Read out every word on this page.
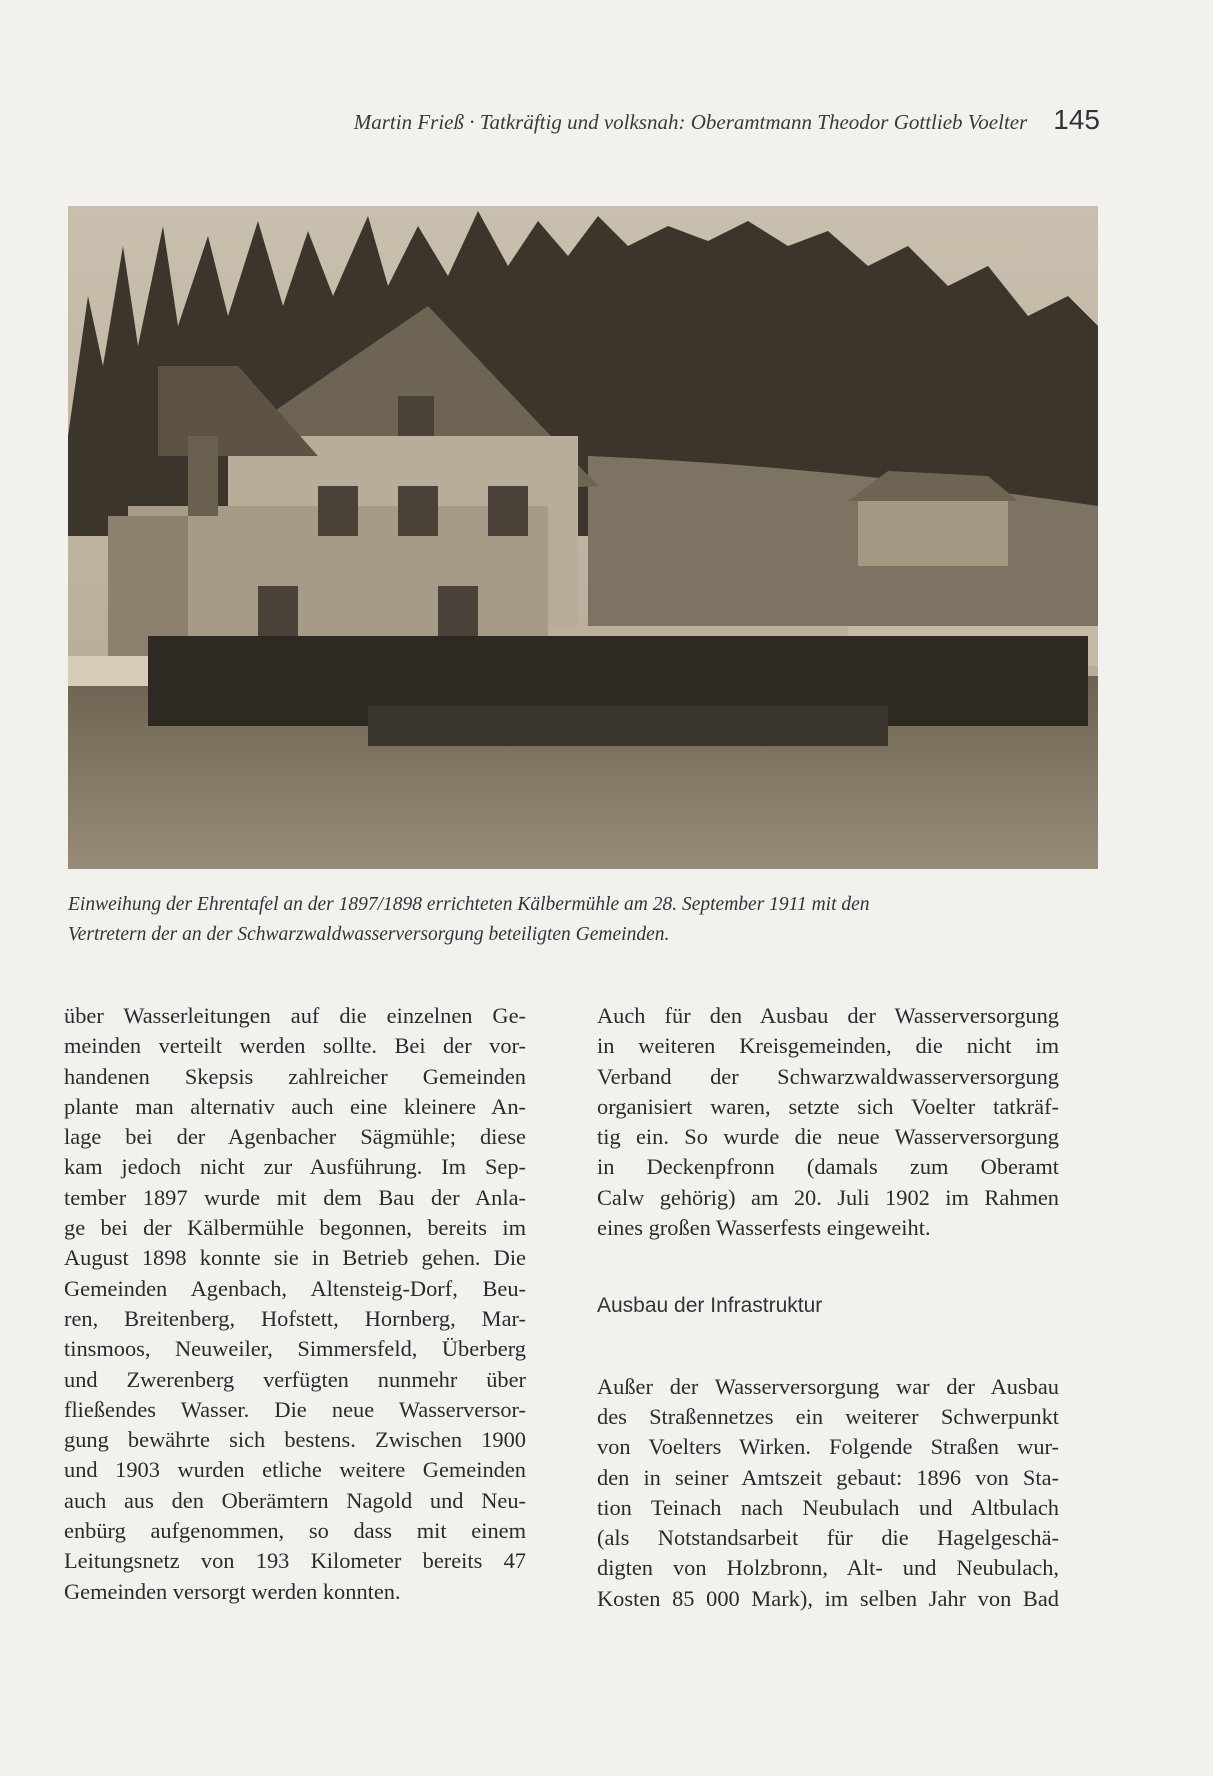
Martin Frieß · Tatkräftig und volksnah: Oberamtmann Theodor Gottlieb Voelter 145

Einweihung der Ehrentafel an der 1897/1898 errichteten Kälbermühle am 28. September 1911 mit den

Vertretern der an der Schwarzwaldwasserversorgung beteiligten Gemeinden.

über Wasserleitungen auf die einzelnen Ge-
meinden verteilt werden sollte. Bei der vor-
handenen Skepsis zahlreicher Gemeinden
plante man alternativ auch eine kleinere An-
lage bei der Agenbacher Sägmühle; diese
kam jedoch nicht zur Ausführung. Im Sep-
tember 1897 wurde mit dem Bau der Anla-
ge bei der Kälbermühle begonnen, bereits im
August 1898 konnte sie in Betrieb gehen. Die
Gemeinden Agenbach, Altensteig-Dorf, Beu-
ren, Breitenberg, Hofstett, Hornberg, Mar-
tinsmoos, Neuweiler, Simmersfeld, Überberg
und Zwerenberg verfügten nunmehr über
fließendes Wasser. Die neue Wasserversor-
gung bewährte sich bestens. Zwischen 1900
und 1903 wurden etliche weitere Gemeinden
auch aus den Oberämtern Nagold und Neu-
enbürg aufgenommen, so dass mit einem
Leitungsnetz von 193 Kilometer bereits 47
Gemeinden versorgt werden konnten.

Auch für den Ausbau der Wasserversorgung
in weiteren Kreisgemeinden, die nicht im
Verband der Schwarzwaldwasserversorgung
organisiert waren, setzte sich Voelter tatkräf-
tig ein. So wurde die neue Wasserversorgung
in Deckenpfronn (damals zum Oberamt
Calw gehörig) am 20. Juli 1902 im Rahmen
eines großen Wasserfests eingeweiht.

Ausbau der Infrastruktur

Außer der Wasserversorgung war der Ausbau
des Straßennetzes ein weiterer Schwerpunkt
von Voelters Wirken. Folgende Straßen wur-
den in seiner Amtszeit gebaut: 1896 von Sta-
tion Teinach nach Neubulach und Altbulach
(als Notstandsarbeit für die Hagelgeschä-
digten von Holzbronn, Alt- und Neubulach,
Kosten 85 000 Mark), im selben Jahr von Bad
